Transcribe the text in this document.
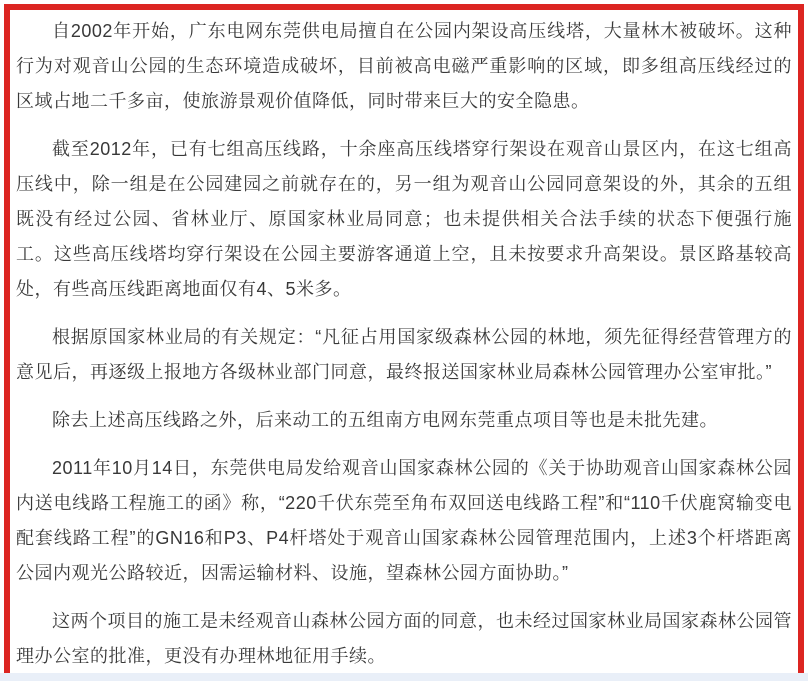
自2002年开始，广东电网东莞供电局擅自在公园内架设高压线塔，大量林木被破坏。这种行为对观音山公园的生态环境造成破坏，目前被高电磁严重影响的区域，即多组高压线经过的区域占地二千多亩，使旅游景观价值降低，同时带来巨大的安全隐患。

截至2012年，已有七组高压线路，十余座高压线塔穿行架设在观音山景区内，在这七组高压线中，除一组是在公园建园之前就存在的，另一组为观音山公园同意架设的外，其余的五组既没有经过公园、省林业厅、原国家林业局同意；也未提供相关合法手续的状态下便强行施工。这些高压线塔均穿行架设在公园主要游客通道上空，且未按要求升高架设。景区路基较高处，有些高压线距离地面仅有4、5米多。

根据原国家林业局的有关规定：“凡征占用国家级森林公园的林地，须先征得经营管理方的意见后，再逐级上报地方各级林业部门同意，最终报送国家林业局森林公园管理办公室审批。”

除去上述高压线路之外，后来动工的五组南方电网东莞重点项目等也是未批先建。

2011年10月14日，东莞供电局发给观音山国家森林公园的《关于协助观音山国家森林公园内送电线路工程施工的函》称，“220千伏东莞至角布双回送电线路工程”和“110千伏鹿窝输变电配套线路工程”的GN16和P3、P4杆塔处于观音山国家森林公园管理范围内，上述3个杆塔距离公园内观光公路较近，因需运输材料、设施，望森林公园方面协助。”

这两个项目的施工是未经观音山森林公园方面的同意，也未经过国家林业局国家森林公园管理办公室的批准，更没有办理林地征用手续。
